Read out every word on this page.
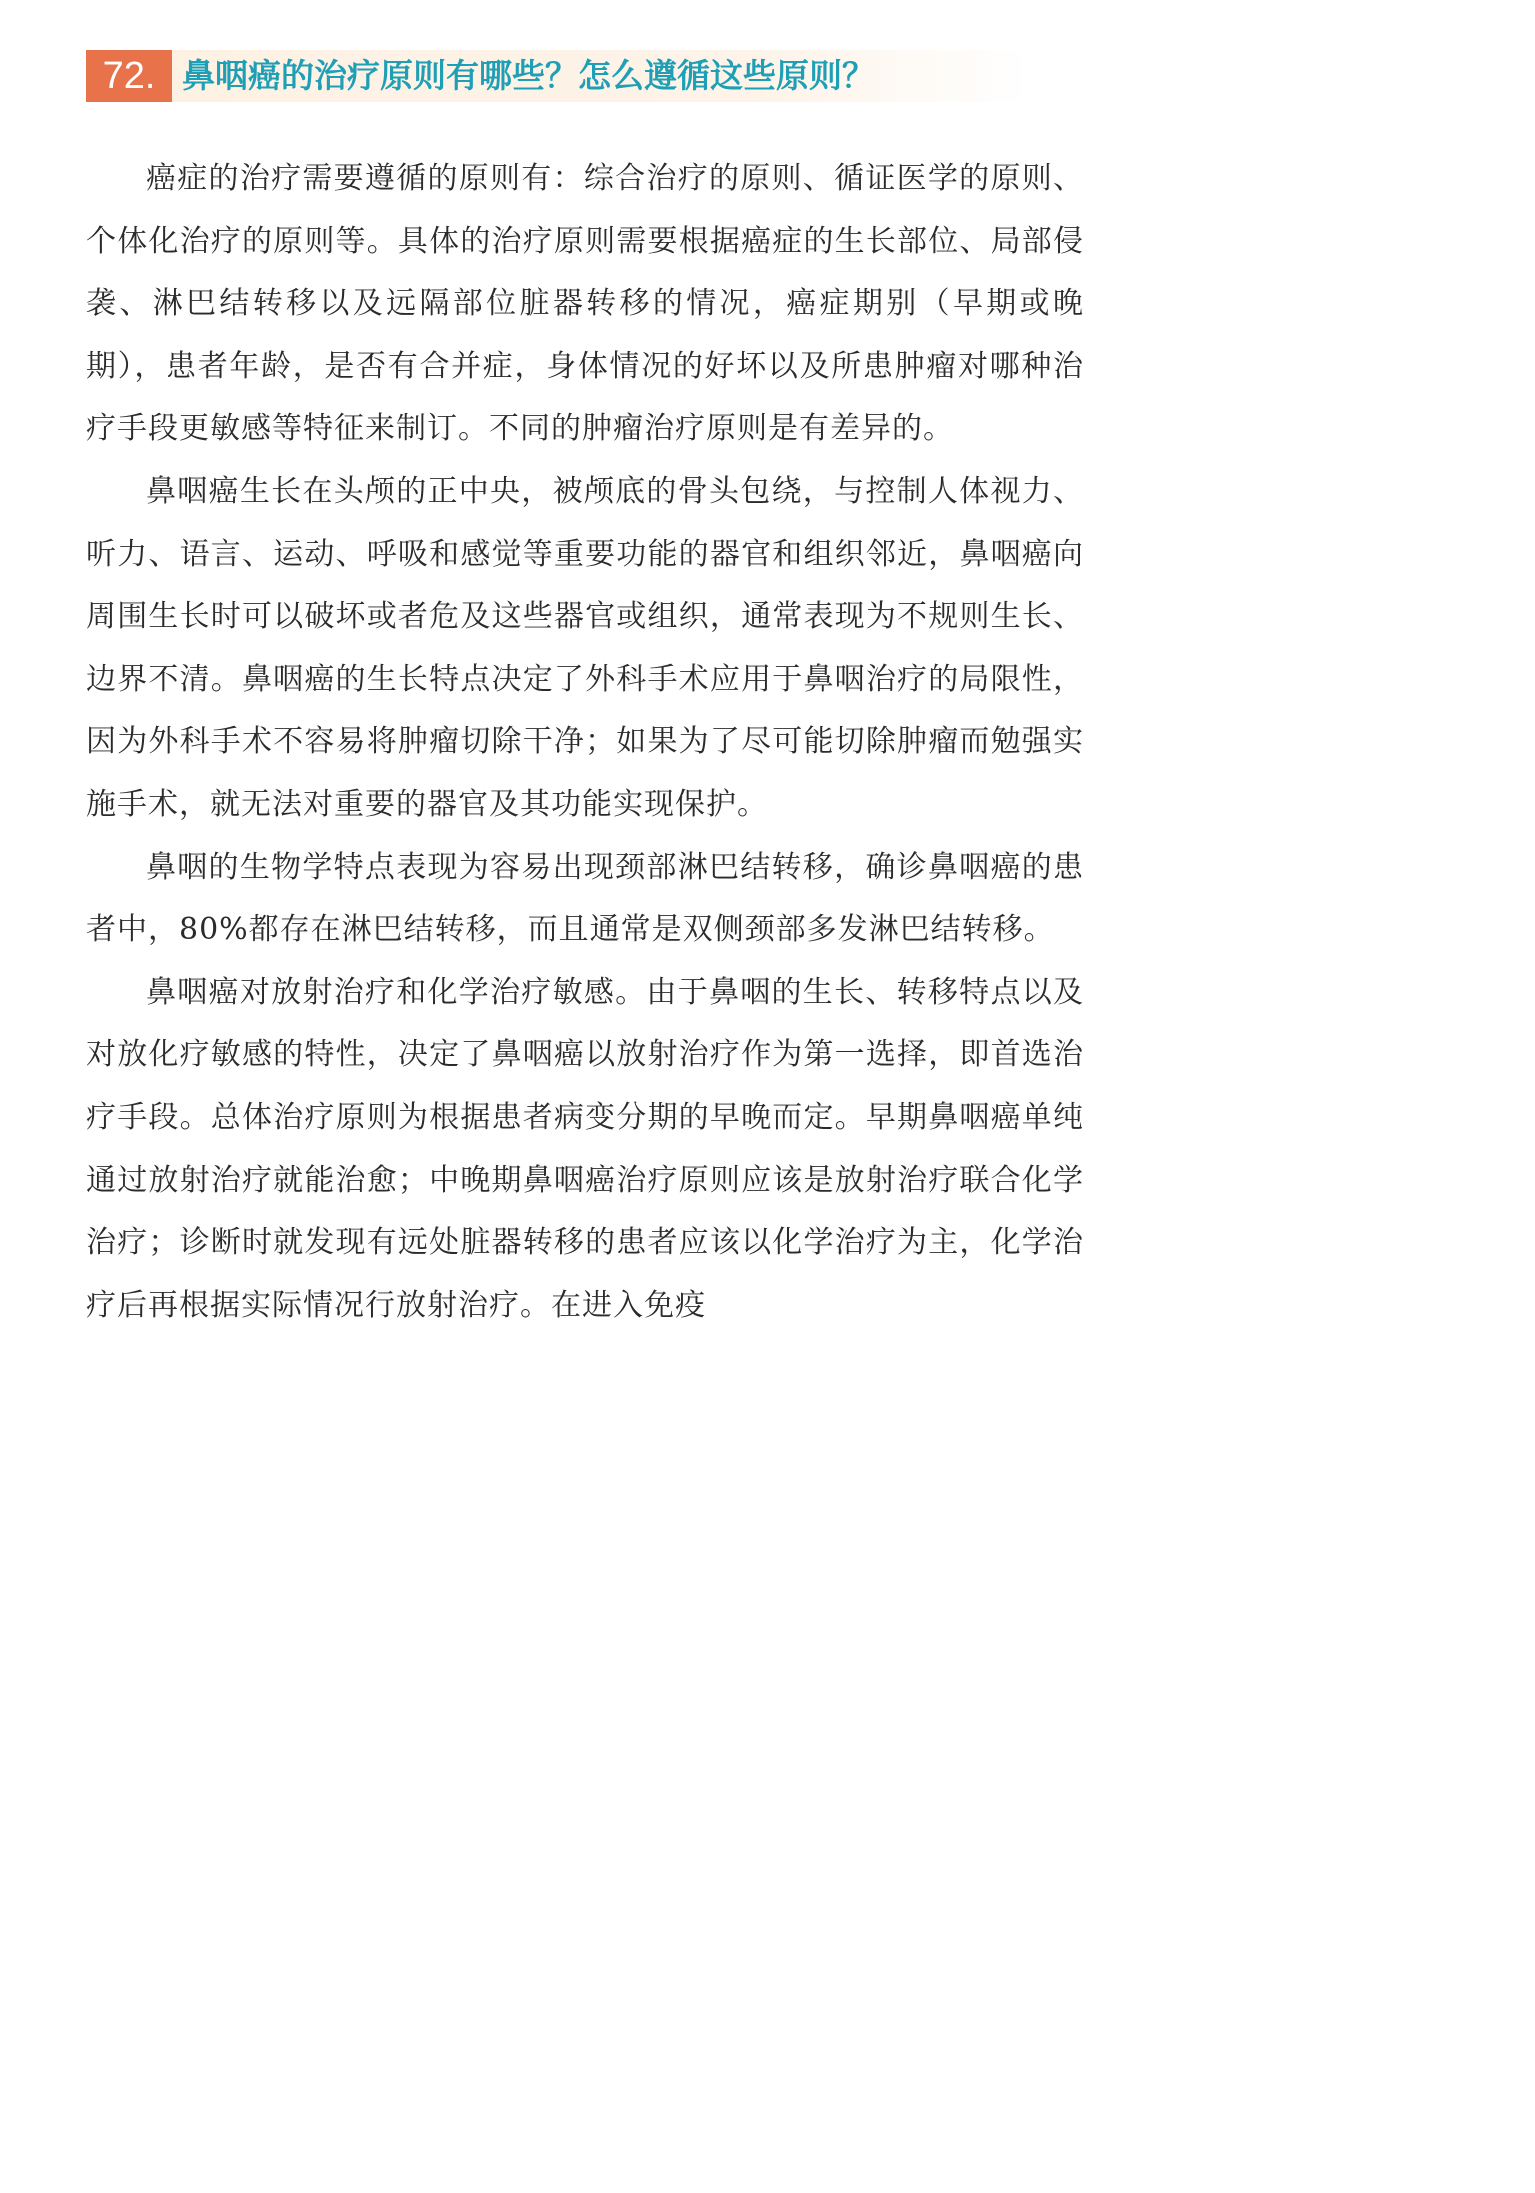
72. 鼻咽癌的治疗原则有哪些？怎么遵循这些原则？

癌症的治疗需要遵循的原则有：综合治疗的原则、循证医学的原则、个体化治疗的原则等。具体的治疗原则需要根据癌症的生长部位、局部侵袭、淋巴结转移以及远隔部位脏器转移的情况，癌症期别（早期或晚期），患者年龄，是否有合并症，身体情况的好坏以及所患肿瘤对哪种治疗手段更敏感等特征来制订。不同的肿瘤治疗原则是有差异的。

鼻咽癌生长在头颅的正中央，被颅底的骨头包绕，与控制人体视力、听力、语言、运动、呼吸和感觉等重要功能的器官和组织邻近，鼻咽癌向周围生长时可以破坏或者危及这些器官或组织，通常表现为不规则生长、边界不清。鼻咽癌的生长特点决定了外科手术应用于鼻咽治疗的局限性，因为外科手术不容易将肿瘤切除干净；如果为了尽可能切除肿瘤而勉强实施手术，就无法对重要的器官及其功能实现保护。

鼻咽的生物学特点表现为容易出现颈部淋巴结转移，确诊鼻咽癌的患者中，80%都存在淋巴结转移，而且通常是双侧颈部多发淋巴结转移。

鼻咽癌对放射治疗和化学治疗敏感。由于鼻咽的生长、转移特点以及对放化疗敏感的特性，决定了鼻咽癌以放射治疗作为第一选择，即首选治疗手段。总体治疗原则为根据患者病变分期的早晚而定。早期鼻咽癌单纯通过放射治疗就能治愈；中晚期鼻咽癌治疗原则应该是放射治疗联合化学治疗；诊断时就发现有远处脏器转移的患者应该以化学治疗为主，化学治疗后再根据实际情况行放射治疗。在进入免疫
